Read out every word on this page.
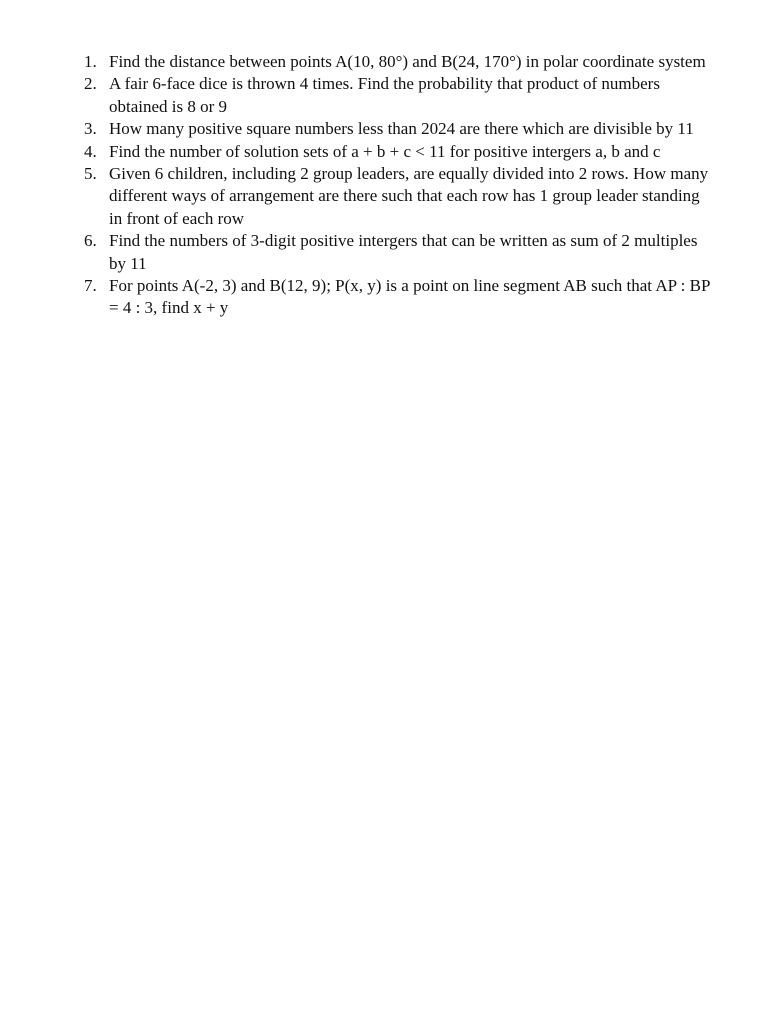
1. Find the distance between points A(10, 80°) and B(24, 170°) in polar coordinate system
2. A fair 6-face dice is thrown 4 times. Find the probability that product of numbers obtained is 8 or 9
3. How many positive square numbers less than 2024 are there which are divisible by 11
4. Find the number of solution sets of a + b + c < 11 for positive intergers a, b and c
5. Given 6 children, including 2 group leaders, are equally divided into 2 rows. How many different ways of arrangement are there such that each row has 1 group leader standing in front of each row
6. Find the numbers of 3-digit positive intergers that can be written as sum of 2 multiples by 11
7. For points A(-2, 3) and B(12, 9); P(x, y) is a point on line segment AB such that AP : BP = 4 : 3, find x + y
